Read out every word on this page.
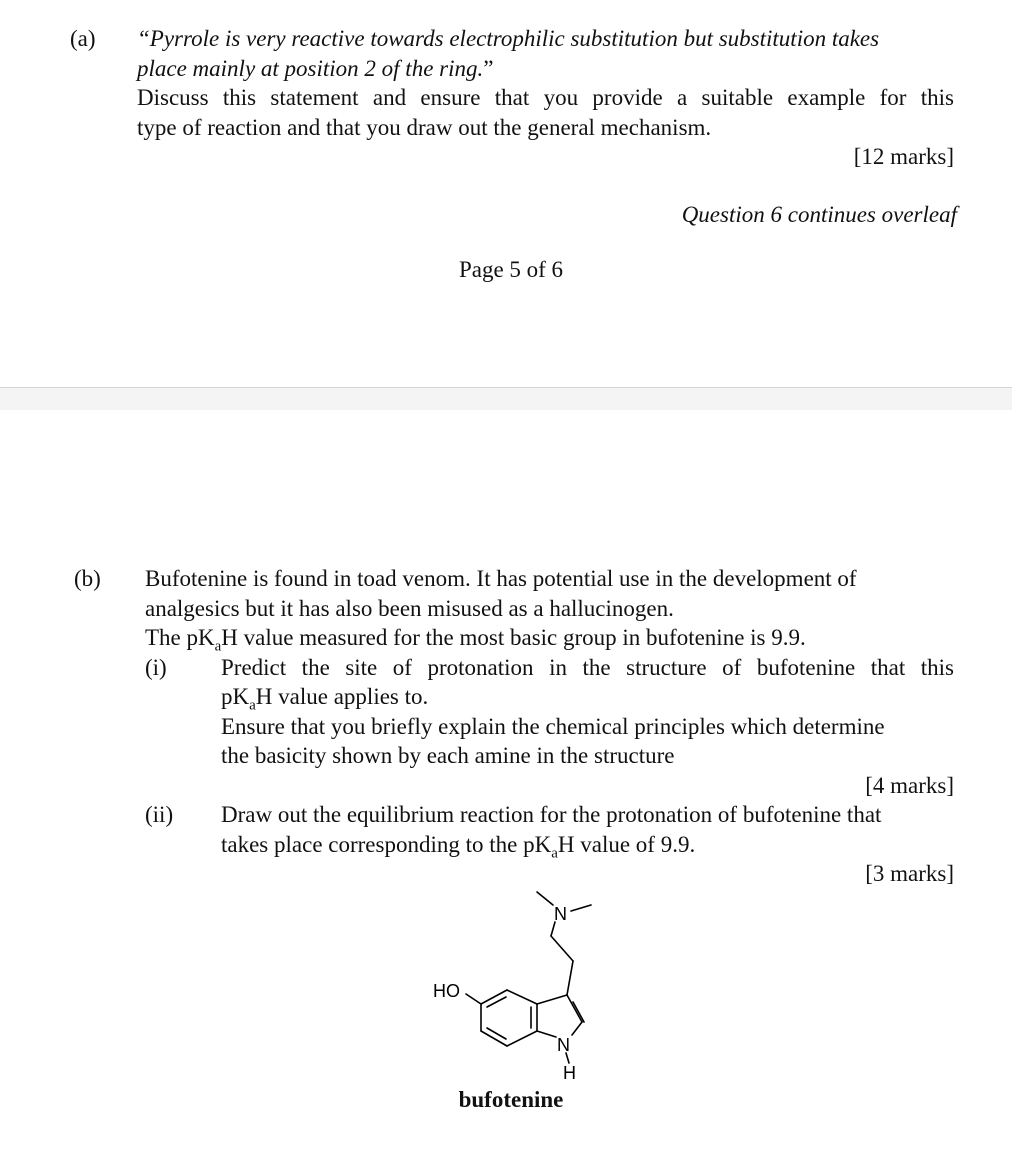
(a) “Pyrrole is very reactive towards electrophilic substitution but substitution takes
place mainly at position 2 of the ring.”
Discuss this statement and ensure that you provide a suitable example for this
type of reaction and that you draw out the general mechanism.
[12 marks]
Question 6 continues overleaf
Page 5 of 6
(b) Bufotenine is found in toad venom. It has potential use in the development of
analgesics but it has also been misused as a hallucinogen.
The $pK_aH$ value measured for the most basic group in bufotenine is 9.9.
(i) Predict the site of protonation in the structure of bufotenine that this
$pK_aH$ value applies to.
Ensure that you briefly explain the chemical principles which determine
the basicity shown by each amine in the structure
[4 marks]
(ii) Draw out the equilibrium reaction for the protonation of bufotenine that
takes place corresponding to the $pK_aH$ value of 9.9.
[3 marks]
N
HO
N
H
bufotenine
